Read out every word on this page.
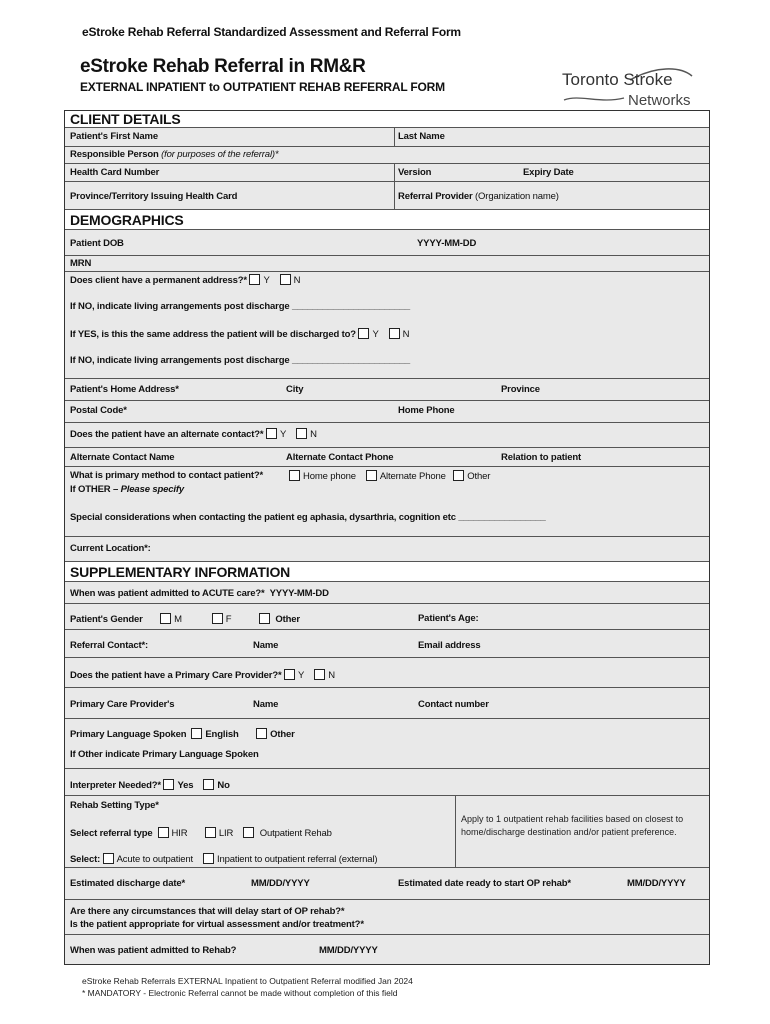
eStroke Rehab Referral Standardized Assessment and Referral Form
eStroke Rehab Referral in RM&R
EXTERNAL INPATIENT to OUTPATIENT REHAB REFERRAL FORM	Toronto Stroke
Networks
CLIENT DETAILS
Patient's First Name	Last Name
Responsible Person (for purposes of the referral)*
Health Card Number	Version	Expiry Date
Province/Territory Issuing Health Card	Referral Provider (Organization name)
DEMOGRAPHICS
Patient DOB	YYYY-MM-DD
MRN
Does client have a permanent address?* Y	N
If NO, indicate living arrangements post discharge _______________________
If YES, is this the same address the patient will be discharged to? Y	N
If NO, indicate living arrangements post discharge _______________________
Patient's Home Address*	City	Province
Postal Code*	Home Phone
Does the patient have an alternate contact?* Y	N
Alternate Contact Name	Alternate Contact Phone	Relation to patient
What is primary method to contact patient?*	Home phone	Alternate Phone Other
If OTHER – Please specify
Special considerations when contacting the patient eg aphasia, dysarthria, cognition etc _________________
Current Location*:
SUPPLEMENTARY INFORMATION
When was patient admitted to ACUTE care?* YYYY-MM-DD
Patient's Gender	M	F	Other	Patient's Age:
Referral Contact*:	Name	Email address
Does the patient have a Primary Care Provider?* Y	N
Primary Care Provider's	Name	Contact number
Primary Language Spoken English	Other
If Other indicate Primary Language Spoken
Interpreter Needed?* Yes	No
Rehab Setting Type*
Select referral type HIR	LIR	Outpatient Rehab
Apply to 1 outpatient rehab facilities based on closest to home/discharge destination and/or patient preference.
Select: Acute to outpatient	Inpatient to outpatient referral (external)
Estimated discharge date*	MM/DD/YYYY	Estimated date ready to start OP rehab*	MM/DD/YYYY
Are there any circumstances that will delay start of OP rehab?*
Is the patient appropriate for virtual assessment and/or treatment?*
When was patient admitted to Rehab?	MM/DD/YYYY
eStroke Rehab Referrals EXTERNAL Inpatient to Outpatient Referral modified Jan 2024
* MANDATORY - Electronic Referral cannot be made without completion of this field
